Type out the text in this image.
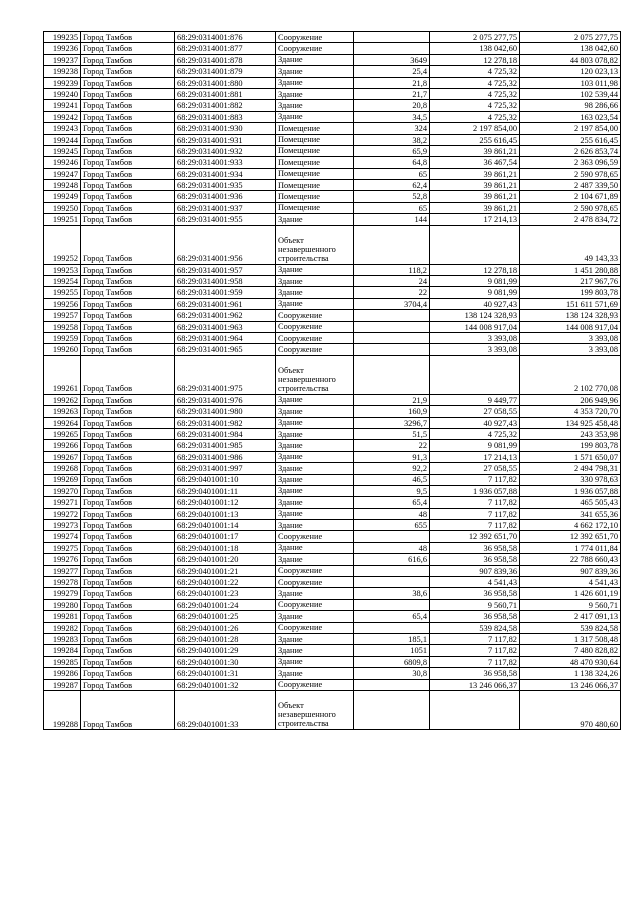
199235	Город Тамбов	68:29:0314001:876	Сооружение		2 075 277,75	2 075 277,75
199236	Город Тамбов	68:29:0314001:877	Сооружение		138 042,60	138 042,60
199237	Город Тамбов	68:29:0314001:878	Здание	3649	12 278,18	44 803 078,82
199238	Город Тамбов	68:29:0314001:879	Здание	25,4	4 725,32	120 023,13
199239	Город Тамбов	68:29:0314001:880	Здание	21,8	4 725,32	103 011,98
199240	Город Тамбов	68:29:0314001:881	Здание	21,7	4 725,32	102 539,44
199241	Город Тамбов	68:29:0314001:882	Здание	20,8	4 725,32	98 286,66
199242	Город Тамбов	68:29:0314001:883	Здание	34,5	4 725,32	163 023,54
199243	Город Тамбов	68:29:0314001:930	Помещение	324	2 197 854,00	2 197 854,00
199244	Город Тамбов	68:29:0314001:931	Помещение	38,2	255 616,45	255 616,45
199245	Город Тамбов	68:29:0314001:932	Помещение	65,9	39 861,21	2 626 853,74
199246	Город Тамбов	68:29:0314001:933	Помещение	64,8	36 467,54	2 363 096,59
199247	Город Тамбов	68:29:0314001:934	Помещение	65	39 861,21	2 590 978,65
199248	Город Тамбов	68:29:0314001:935	Помещение	62,4	39 861,21	2 487 339,50
199249	Город Тамбов	68:29:0314001:936	Помещение	52,8	39 861,21	2 104 671,89
199250	Город Тамбов	68:29:0314001:937	Помещение	65	39 861,21	2 590 978,65
199251	Город Тамбов	68:29:0314001:955	Здание	144	17 214,13	2 478 834,72
199252	Город Тамбов	68:29:0314001:956	Объект незавершенного строительства			49 143,33
199253	Город Тамбов	68:29:0314001:957	Здание	118,2	12 278,18	1 451 280,88
199254	Город Тамбов	68:29:0314001:958	Здание	24	9 081,99	217 967,76
199255	Город Тамбов	68:29:0314001:959	Здание	22	9 081,99	199 803,78
199256	Город Тамбов	68:29:0314001:961	Здание	3704,4	40 927,43	151 611 571,69
199257	Город Тамбов	68:29:0314001:962	Сооружение		138 124 328,93	138 124 328,93
199258	Город Тамбов	68:29:0314001:963	Сооружение		144 008 917,04	144 008 917,04
199259	Город Тамбов	68:29:0314001:964	Сооружение		3 393,08	3 393,08
199260	Город Тамбов	68:29:0314001:965	Сооружение		3 393,08	3 393,08
199261	Город Тамбов	68:29:0314001:975	Объект незавершенного строительства			2 102 770,08
199262	Город Тамбов	68:29:0314001:976	Здание	21,9	9 449,77	206 949,96
199263	Город Тамбов	68:29:0314001:980	Здание	160,9	27 058,55	4 353 720,70
199264	Город Тамбов	68:29:0314001:982	Здание	3296,7	40 927,43	134 925 458,48
199265	Город Тамбов	68:29:0314001:984	Здание	51,5	4 725,32	243 353,98
199266	Город Тамбов	68:29:0314001:985	Здание	22	9 081,99	199 803,78
199267	Город Тамбов	68:29:0314001:986	Здание	91,3	17 214,13	1 571 650,07
199268	Город Тамбов	68:29:0314001:997	Здание	92,2	27 058,55	2 494 798,31
199269	Город Тамбов	68:29:0401001:10	Здание	46,5	7 117,82	330 978,63
199270	Город Тамбов	68:29:0401001:11	Здание	9,5	1 936 057,88	1 936 057,88
199271	Город Тамбов	68:29:0401001:12	Здание	65,4	7 117,82	465 505,43
199272	Город Тамбов	68:29:0401001:13	Здание	48	7 117,82	341 655,36
199273	Город Тамбов	68:29:0401001:14	Здание	655	7 117,82	4 662 172,10
199274	Город Тамбов	68:29:0401001:17	Сооружение		12 392 651,70	12 392 651,70
199275	Город Тамбов	68:29:0401001:18	Здание	48	36 958,58	1 774 011,84
199276	Город Тамбов	68:29:0401001:20	Здание	616,6	36 958,58	22 788 660,43
199277	Город Тамбов	68:29:0401001:21	Сооружение		907 839,36	907 839,36
199278	Город Тамбов	68:29:0401001:22	Сооружение		4 541,43	4 541,43
199279	Город Тамбов	68:29:0401001:23	Здание	38,6	36 958,58	1 426 601,19
199280	Город Тамбов	68:29:0401001:24	Сооружение		9 560,71	9 560,71
199281	Город Тамбов	68:29:0401001:25	Здание	65,4	36 958,58	2 417 091,13
199282	Город Тамбов	68:29:0401001:26	Сооружение		539 824,58	539 824,58
199283	Город Тамбов	68:29:0401001:28	Здание	185,1	7 117,82	1 317 508,48
199284	Город Тамбов	68:29:0401001:29	Здание	1051	7 117,82	7 480 828,82
199285	Город Тамбов	68:29:0401001:30	Здание	6809,8	7 117,82	48 470 930,64
199286	Город Тамбов	68:29:0401001:31	Здание	30,8	36 958,58	1 138 324,26
199287	Город Тамбов	68:29:0401001:32	Сооружение		13 246 066,37	13 246 066,37
199288	Город Тамбов	68:29:0401001:33	Объект незавершенного строительства			970 480,60
